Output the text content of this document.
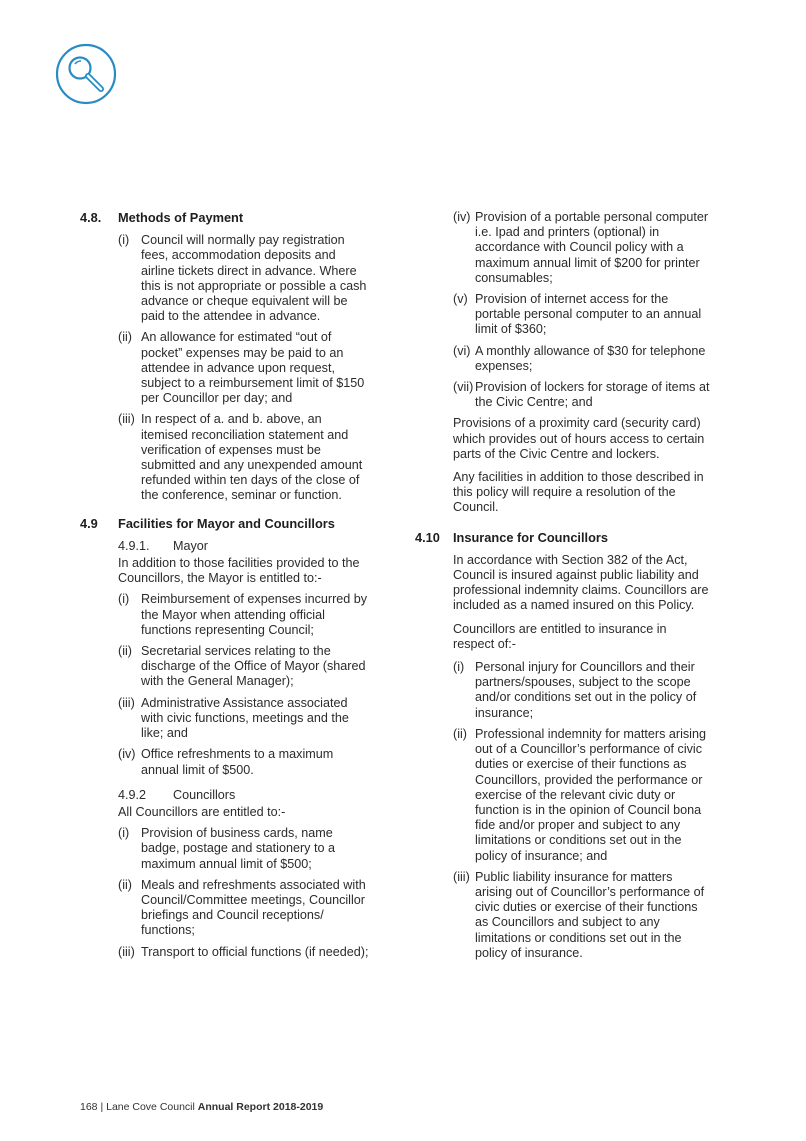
4.8.	Methods of Payment
(i) Council will normally pay registration fees, accommodation deposits and airline tickets direct in advance. Where this is not appropriate or possible a cash advance or cheque equivalent will be paid to the attendee in advance.
(ii) An allowance for estimated “out of pocket” expenses may be paid to an attendee in advance upon request, subject to a reimbursement limit of $150 per Councillor per day; and
(iii) In respect of a. and b. above, an itemised reconciliation statement and verification of expenses must be submitted and any unexpended amount refunded within ten days of the close of the conference, seminar or function.
4.9	Facilities for Mayor and Councillors
4.9.1.	Mayor
In addition to those facilities provided to the Councillors, the Mayor is entitled to:-
(i) Reimbursement of expenses incurred by the Mayor when attending official functions representing Council;
(ii) Secretarial services relating to the discharge of the Office of Mayor (shared with the General Manager);
(iii) Administrative Assistance associated with civic functions, meetings and the like; and
(iv) Office refreshments to a maximum annual limit of $500.
4.9.2	Councillors
All Councillors are entitled to:-
(i) Provision of business cards, name badge, postage and stationery to a maximum annual limit of $500;
(ii) Meals and refreshments associated with Council/Committee meetings, Councillor briefings and Council receptions/ functions;
(iii) Transport to official functions (if needed);
(iv) Provision of a portable personal computer i.e. Ipad and printers (optional) in accordance with Council policy with a maximum annual limit of $200 for printer consumables;
(v) Provision of internet access for the portable personal computer to an annual limit of $360;
(vi) A monthly allowance of $30 for telephone expenses;
(vii) Provision of lockers for storage of items at the Civic Centre; and
Provisions of a proximity card (security card) which provides out of hours access to certain parts of the Civic Centre and lockers.
Any facilities in addition to those described in this policy will require a resolution of the Council.
4.10	Insurance for Councillors
In accordance with Section 382 of the Act, Council is insured against public liability and professional indemnity claims. Councillors are included as a named insured on this Policy.
Councillors are entitled to insurance in respect of:-
(i) Personal injury for Councillors and their partners/spouses, subject to the scope and/or conditions set out in the policy of insurance;
(ii) Professional indemnity for matters arising out of a Councillor’s performance of civic duties or exercise of their functions as Councillors, provided the performance or exercise of the relevant civic duty or function is in the opinion of Council bona fide and/or proper and subject to any limitations or conditions set out in the policy of insurance; and
(iii) Public liability insurance for matters arising out of Councillor’s performance of civic duties or exercise of their functions as Councillors and subject to any limitations or conditions set out in the policy of insurance.
168 | Lane Cove Council Annual Report 2018-2019
